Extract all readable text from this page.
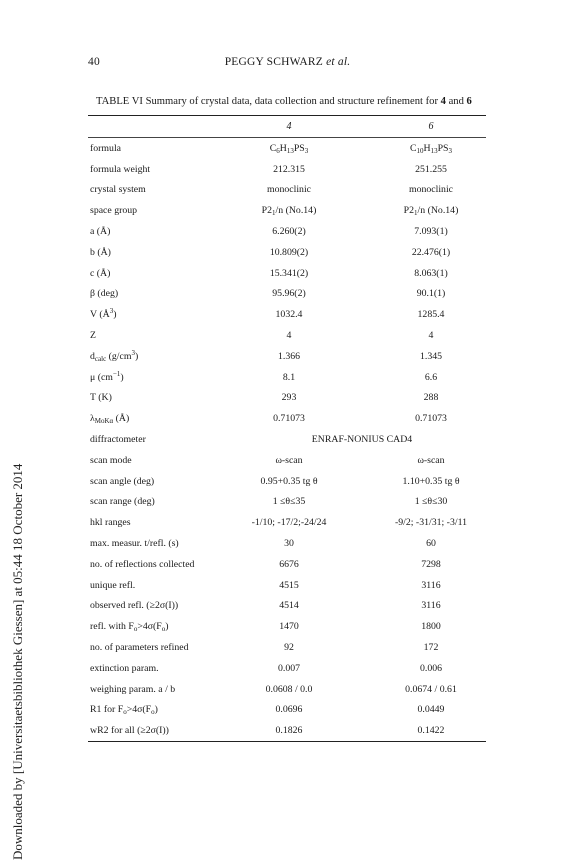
Downloaded by [Universitaetsbibliothek Giessen] at 05:44 18 October 2014
40	PEGGY SCHWARZ et al.
TABLE VI Summary of crystal data, data collection and structure refinement for 4 and 6
	4	6
formula	$C_6H_{13}PS_3$	$C_{10}H_{13}PS_3$
formula weight	212.315	251.255
crystal system	monoclinic	monoclinic
space group	$P2_1/n$ (No.14)	$P2_1/n$ (No.14)
a (Å)	6.260(2)	7.093(1)
b (Å)	10.809(2)	22.476(1)
c (Å)	15.341(2)	8.063(1)
β (deg)	95.96(2)	90.1(1)
V $(Å^3)$	1032.4	1285.4
Z	4	4
$d_{calc}$ $(g/cm^3)$	1.366	1.345
μ $(cm^{-1})$	8.1	6.6
T (K)	293	288
$\lambda_{MoK\alpha}$ (Å)	0.71073	0.71073
diffractometer	ENRAF-NONIUS CAD4	
scan mode	ω-scan	ω-scan
scan angle (deg)	0.95+0.35 tg θ	1.10+0.35 tg θ
scan range (deg)	1 ≤θ≤35	1 ≤θ≤30
hkl ranges	-1/10; -17/2;-24/24	-9/2; -31/31; -3/11
max. measur. t/refl. (s)	30	60
no. of reflections collected	6676	7298
unique refl.	4515	3116
observed refl. (≥2σ(I))	4514	3116
refl. with $F_o>4\sigma(F_o)$	1470	1800
no. of parameters refined	92	172
extinction param.	0.007	0.006
weighing param. a / b	0.0608 / 0.0	0.0674 / 0.61
R1 for $F_o>4\sigma(F_o)$	0.0696	0.0449
wR2 for all (≥2σ(I))	0.1826	0.1422
